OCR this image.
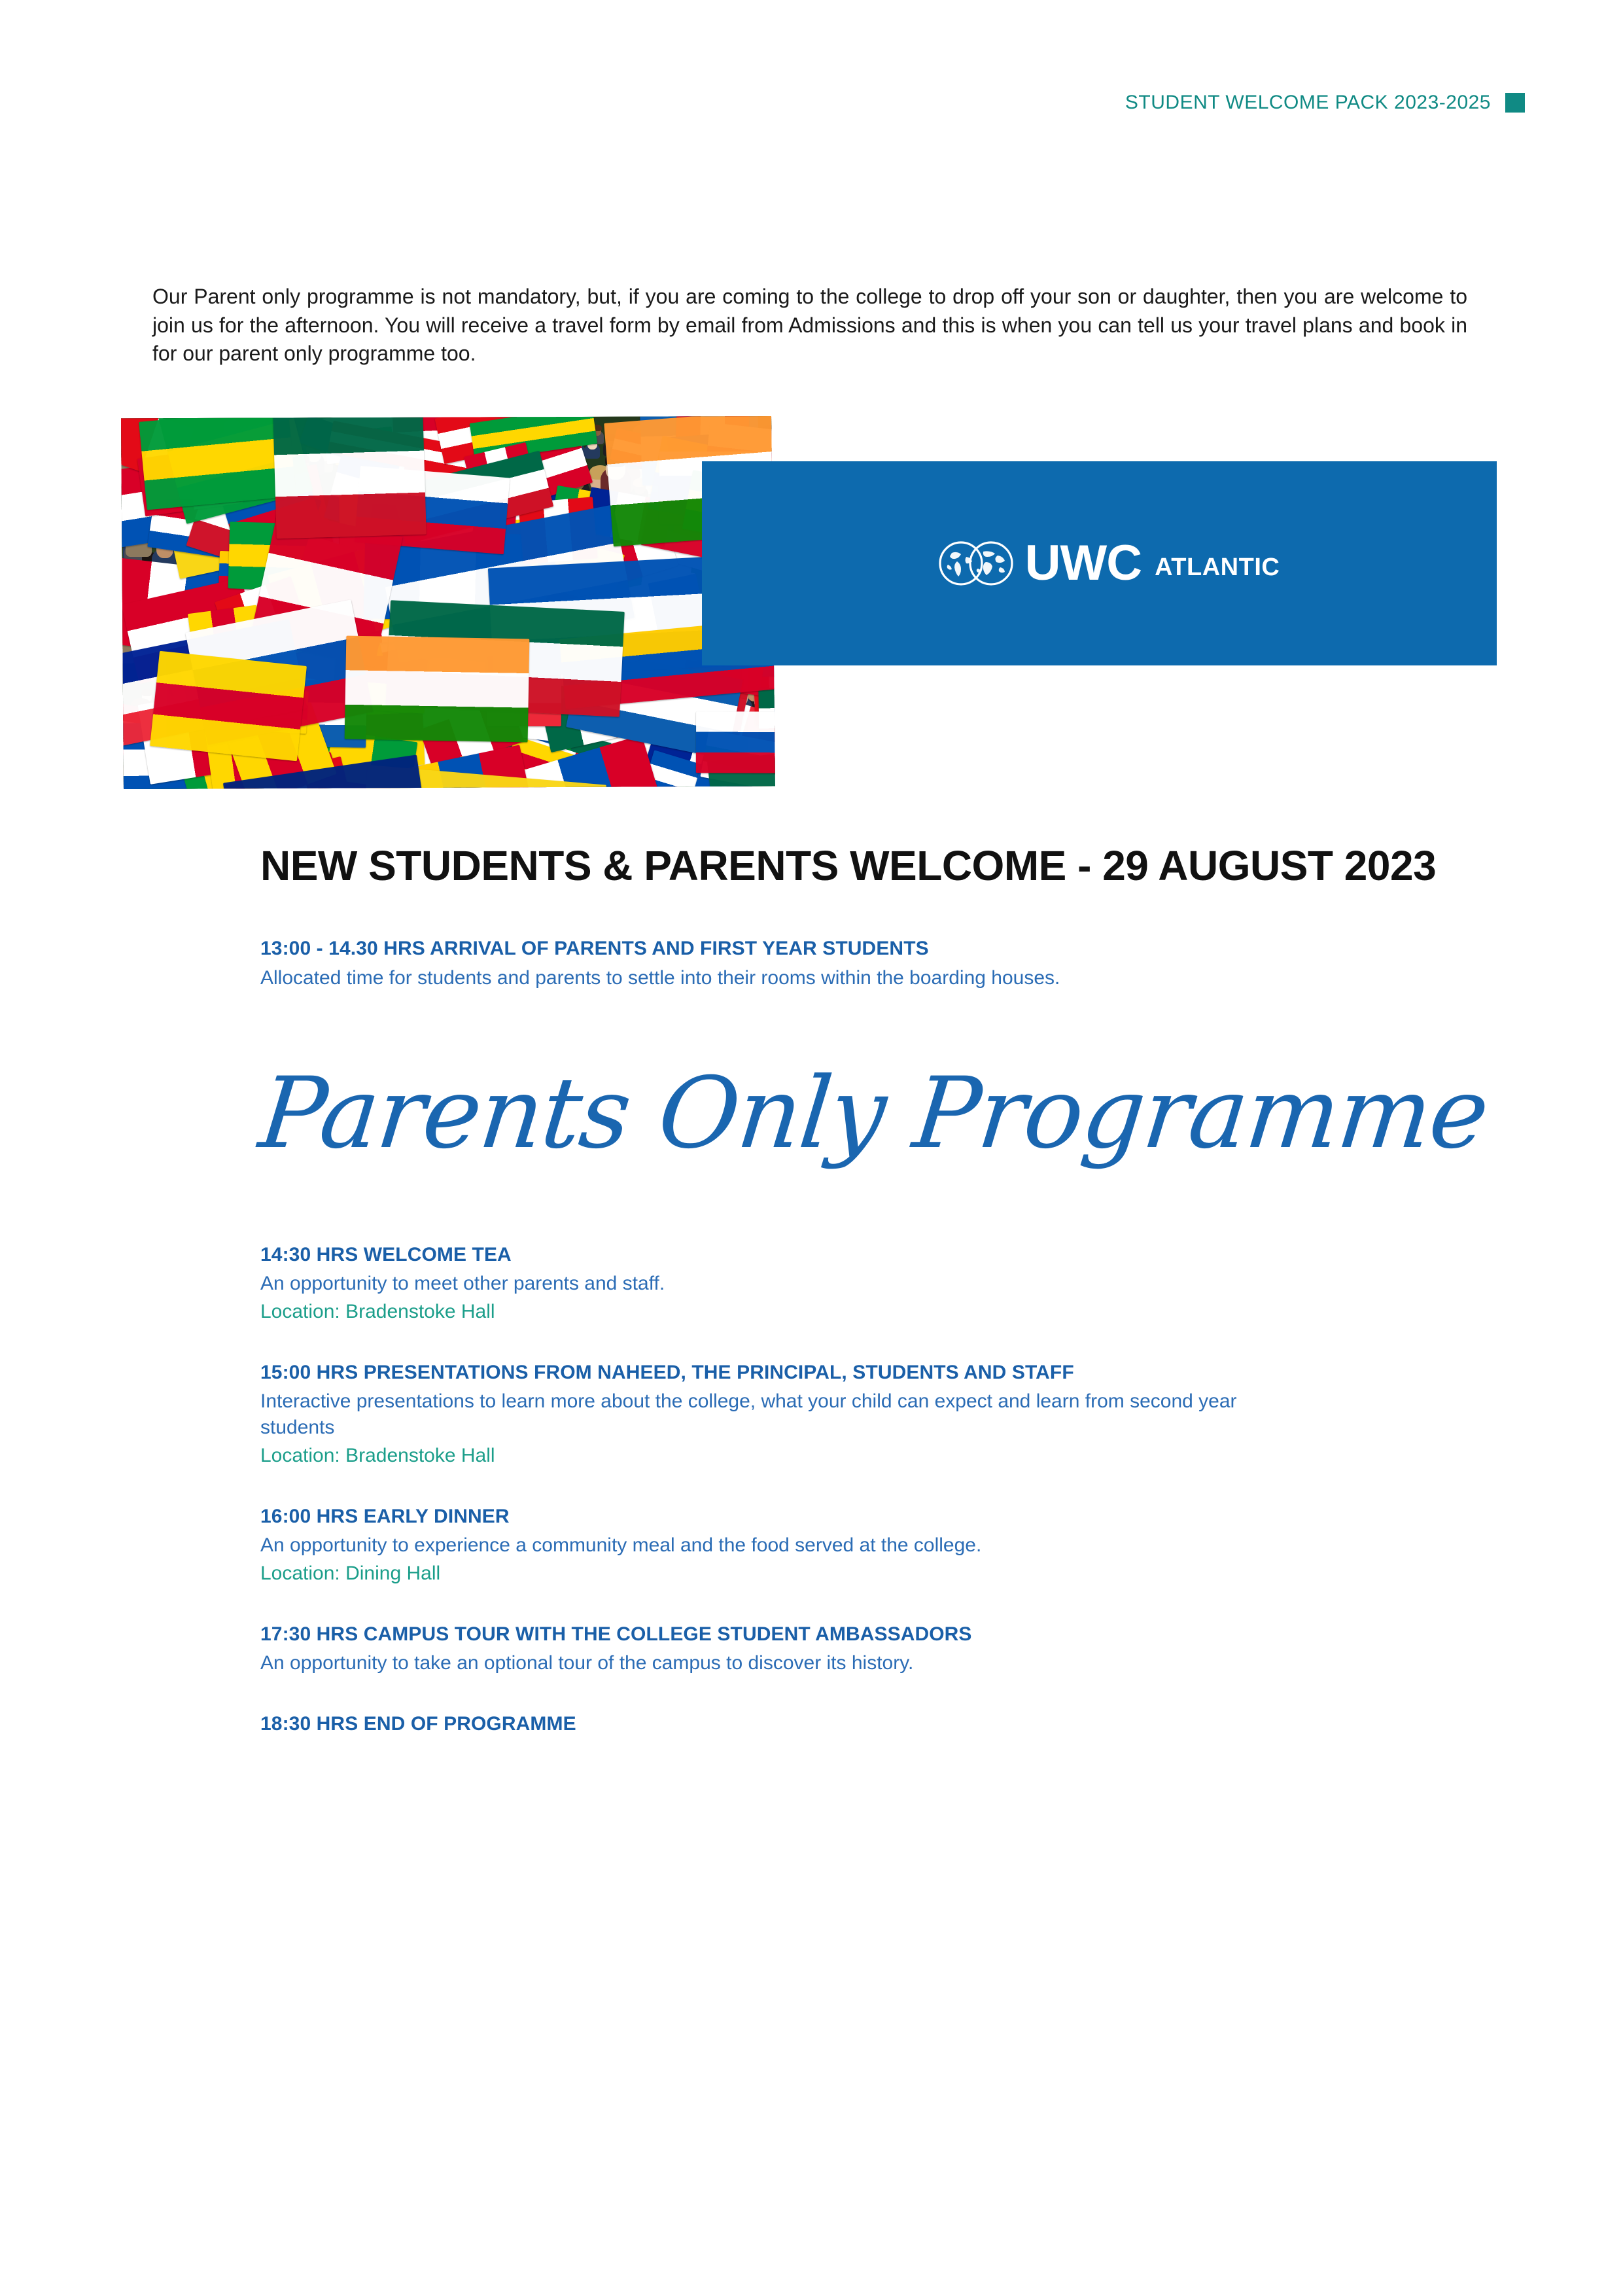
STUDENT WELCOME PACK 2023-2025

Our Parent only programme is not mandatory, but, if you are coming to the college to drop off your son or daughter, then you are welcome to join us for the afternoon. You will receive a travel form by email from Admissions and this is when you can tell us your travel plans and book in for our parent only programme too.

UWC ATLANTIC
NEW STUDENTS & PARENTS WELCOME - 29 AUGUST 2023

13:00 - 14.30 HRS ARRIVAL OF PARENTS AND FIRST YEAR STUDENTS

Allocated time for students and parents to settle into their rooms within the boarding houses.

Parents Only Programme

14:30 HRS WELCOME TEA

An opportunity to meet other parents and staff.

Location: Bradenstoke Hall

15:00 HRS PRESENTATIONS FROM NAHEED, THE PRINCIPAL, STUDENTS AND STAFF

Interactive presentations to learn more about the college, what your child can expect and learn from second year students

Location: Bradenstoke Hall

16:00 HRS EARLY DINNER

An opportunity to experience a community meal and the food served at the college.

Location: Dining Hall

17:30 HRS CAMPUS TOUR WITH THE COLLEGE STUDENT AMBASSADORS

An opportunity to take an optional tour of the campus to discover its history.

18:30 HRS END OF PROGRAMME
